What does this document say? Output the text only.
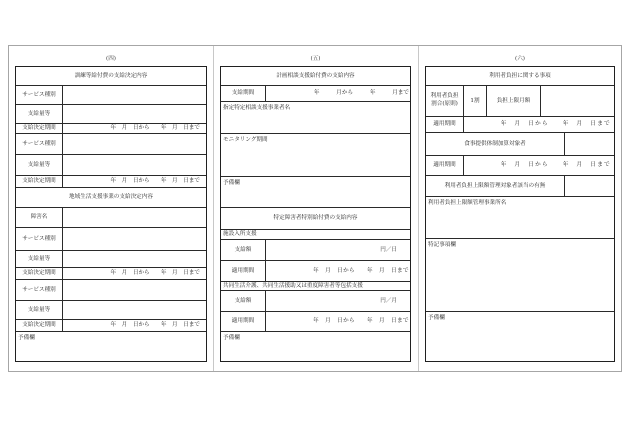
(四)
訓練等給付費の支給決定内容
サービス種別
支給量等
支給決定期間	年　月　日から　　年　月　日まで
サービス種別
支給量等
支給決定期間	年　月　日から　　年　月　日まで
地域生活支援事業の支給決定内容
障害名
サービス種別
支給量等
支給決定期間	年　月　日から　　年　月　日まで
サービス種別
支給量等
支給決定期間	年　月　日から　　年　月　日まで
予備欄
(五)
計画相談支援給付費の支給内容
支給期間	年　　　月から　　　年　　　月まで
指定特定相談支援事業者名
モニタリング期間
予備欄
特定障害者特別給付費の支給内容
施設入所支援
支給額	円／日
適用期間	年　月　日から　　年　月　日まで
共同生活介護、共同生活援助又は重度障害者等包括支援
支給額	円／月
適用期間	年　月　日から　　年　月　日まで
予備欄
(六)
利用者負担に関する事項
利用者負担
割合(原則)
1割	負担上限月額
適用期間	年　月　日から　　年　月　日まで
食事提供体制加算対象者
適用期間	年　月　日から　　年　月　日まで
利用者負担上限額管理対象者該当の有無
利用者負担上限額管理事業所名
特記事項欄
予備欄
